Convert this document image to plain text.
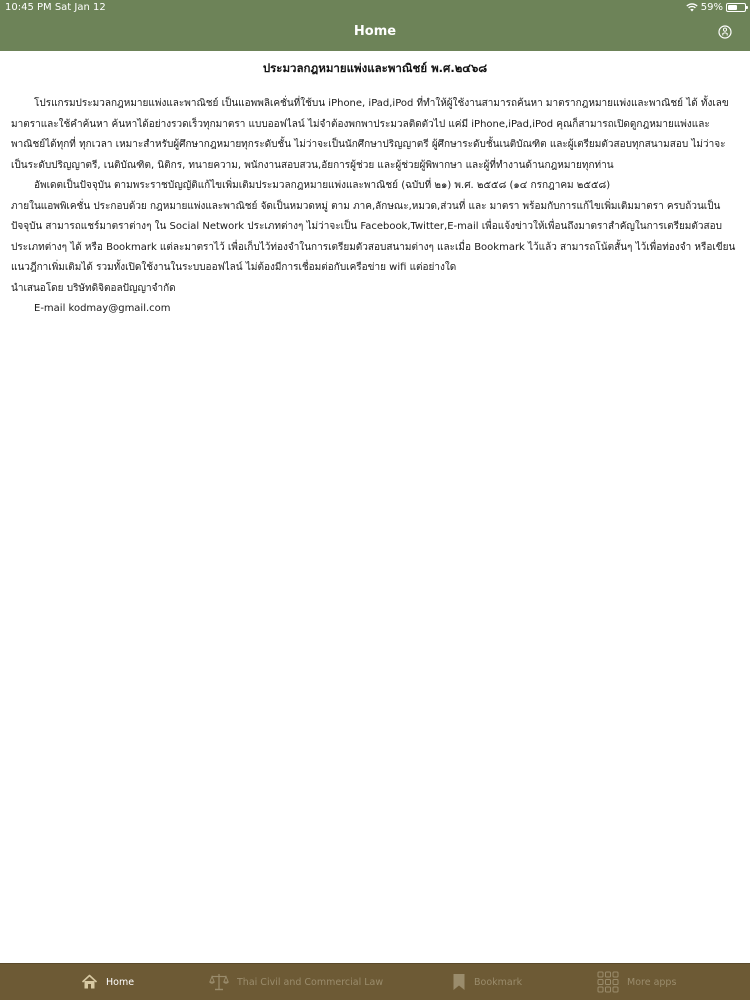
10:45 PM Sat Jan 12	59%
Home
ประมวลกฎหมายแพ่งและพาณิชย์ พ.ศ.๒๔๖๘

โปรแกรมประมวลกฎหมายแพ่งและพาณิชย์ เป็นแอพพลิเคชั่นที่ใช้บน iPhone, iPad,iPod ที่ทำให้ผู้ใช้งานสามารถค้นหา มาตรากฎหมายแพ่งและพาณิชย์ ได้ ทั้งเลขมาตราและใช้คำค้นหา ค้นหาได้อย่างรวดเร็วทุกมาตรา แบบออฟไลน์ ไม่จำต้องพกพาประมวลติดตัวไป แค่มี iPhone,iPad,iPod คุณก็สามารถเปิดดูกฎหมายแพ่งและพาณิชย์ได้ทุกที่ ทุกเวลา เหมาะสำหรับผู้ศึกษากฎหมายทุกระดับชั้น ไม่ว่าจะเป็นนักศึกษาปริญญาตรี ผู้ศึกษาระดับชั้นเนติบัณฑิต และผู้เตรียมตัวสอบทุกสนามสอบ ไม่ว่าจะเป็นระดับปริญญาตรี, เนติบัณฑิต, นิติกร, ทนายความ, พนักงานสอบสวน,อัยการผู้ช่วย และผู้ช่วยผู้พิพากษา และผู้ที่ทำงานด้านกฎหมายทุกท่าน

อัพเดตเป็นปัจจุบัน ตามพระราชบัญญัติแก้ไขเพิ่มเติมประมวลกฎหมายแพ่งและพาณิชย์ (ฉบับที่ ๒๑) พ.ศ. ๒๕๕๘ (๑๔ กรกฎาคม ๒๕๕๘)

ภายในแอพพิเคชั่น ประกอบด้วย กฎหมายแพ่งและพาณิชย์ จัดเป็นหมวดหมู่ ตาม ภาค,ลักษณะ,หมวด,ส่วนที่ และ มาตรา พร้อมกับการแก้ไขเพิ่มเติมมาตรา ครบถ้วนเป็นปัจจุบัน สามารถแชร์มาตราต่างๆ ใน Social Network ประเภทต่างๆ ไม่ว่าจะเป็น Facebook,Twitter,E-mail เพื่อแจ้งข่าวให้เพื่อนถึงมาตราสำคัญในการเตรียมตัวสอบประเภทต่างๆ ได้ หรือ Bookmark แต่ละมาตราไว้ เพื่อเก็บไว้ท่องจำในการเตรียมตัวสอบสนามต่างๆ และเมื่อ Bookmark ไว้แล้ว สามารถโน้ตสั้นๆ ไว้เพื่อท่องจำ หรือเขียนแนวฎีกาเพิ่มเติมได้ รวมทั้งเปิดใช้งานในระบบออฟไลน์ ไม่ต้องมีการเชื่อมต่อกับเครือข่าย wifi แต่อย่างใด

นำเสนอโดย บริษัทดิจิตอลปัญญาจำกัด

E-mail kodmay@gmail.com

Home	Thai Civil and Commercial Law	Bookmark	More apps
